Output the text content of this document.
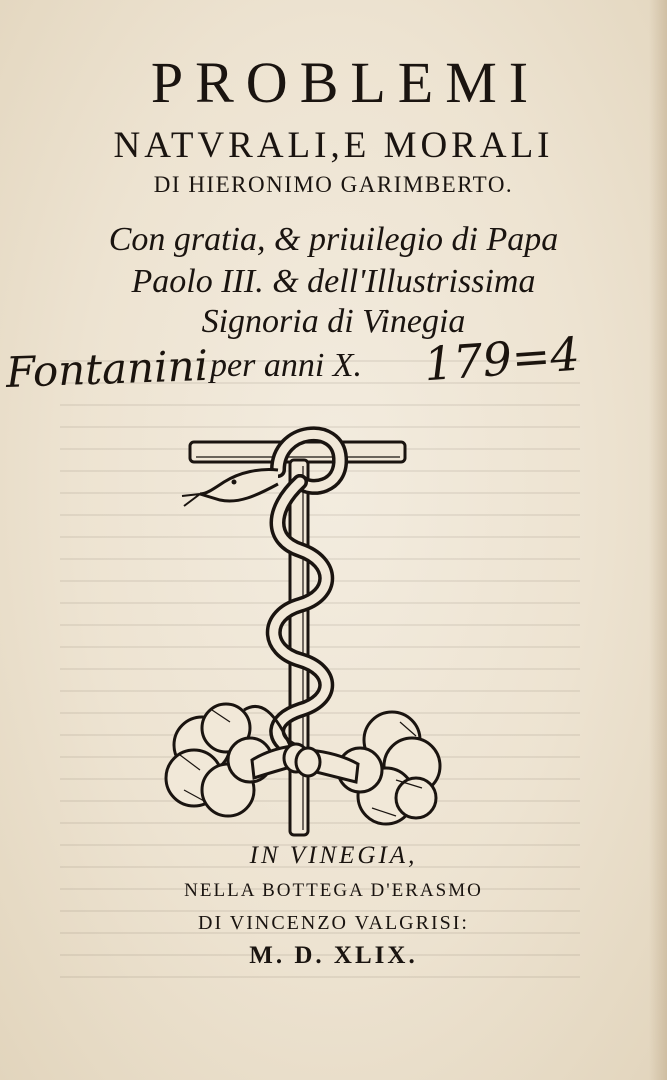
PROBLEMI
NATVRALI,E MORALI
DI HIERONIMO GARIMBERTO.
Con gratia, & priuilegio di Papa
Paolo III. & dell'Illustrissima
Signoria di Vinegia
per anni X.
Fontanini	179=4
IN VINEGIA,
NELLA BOTTEGA D'ERASMO
DI VINCENZO VALGRISI:
M. D. XLIX.
